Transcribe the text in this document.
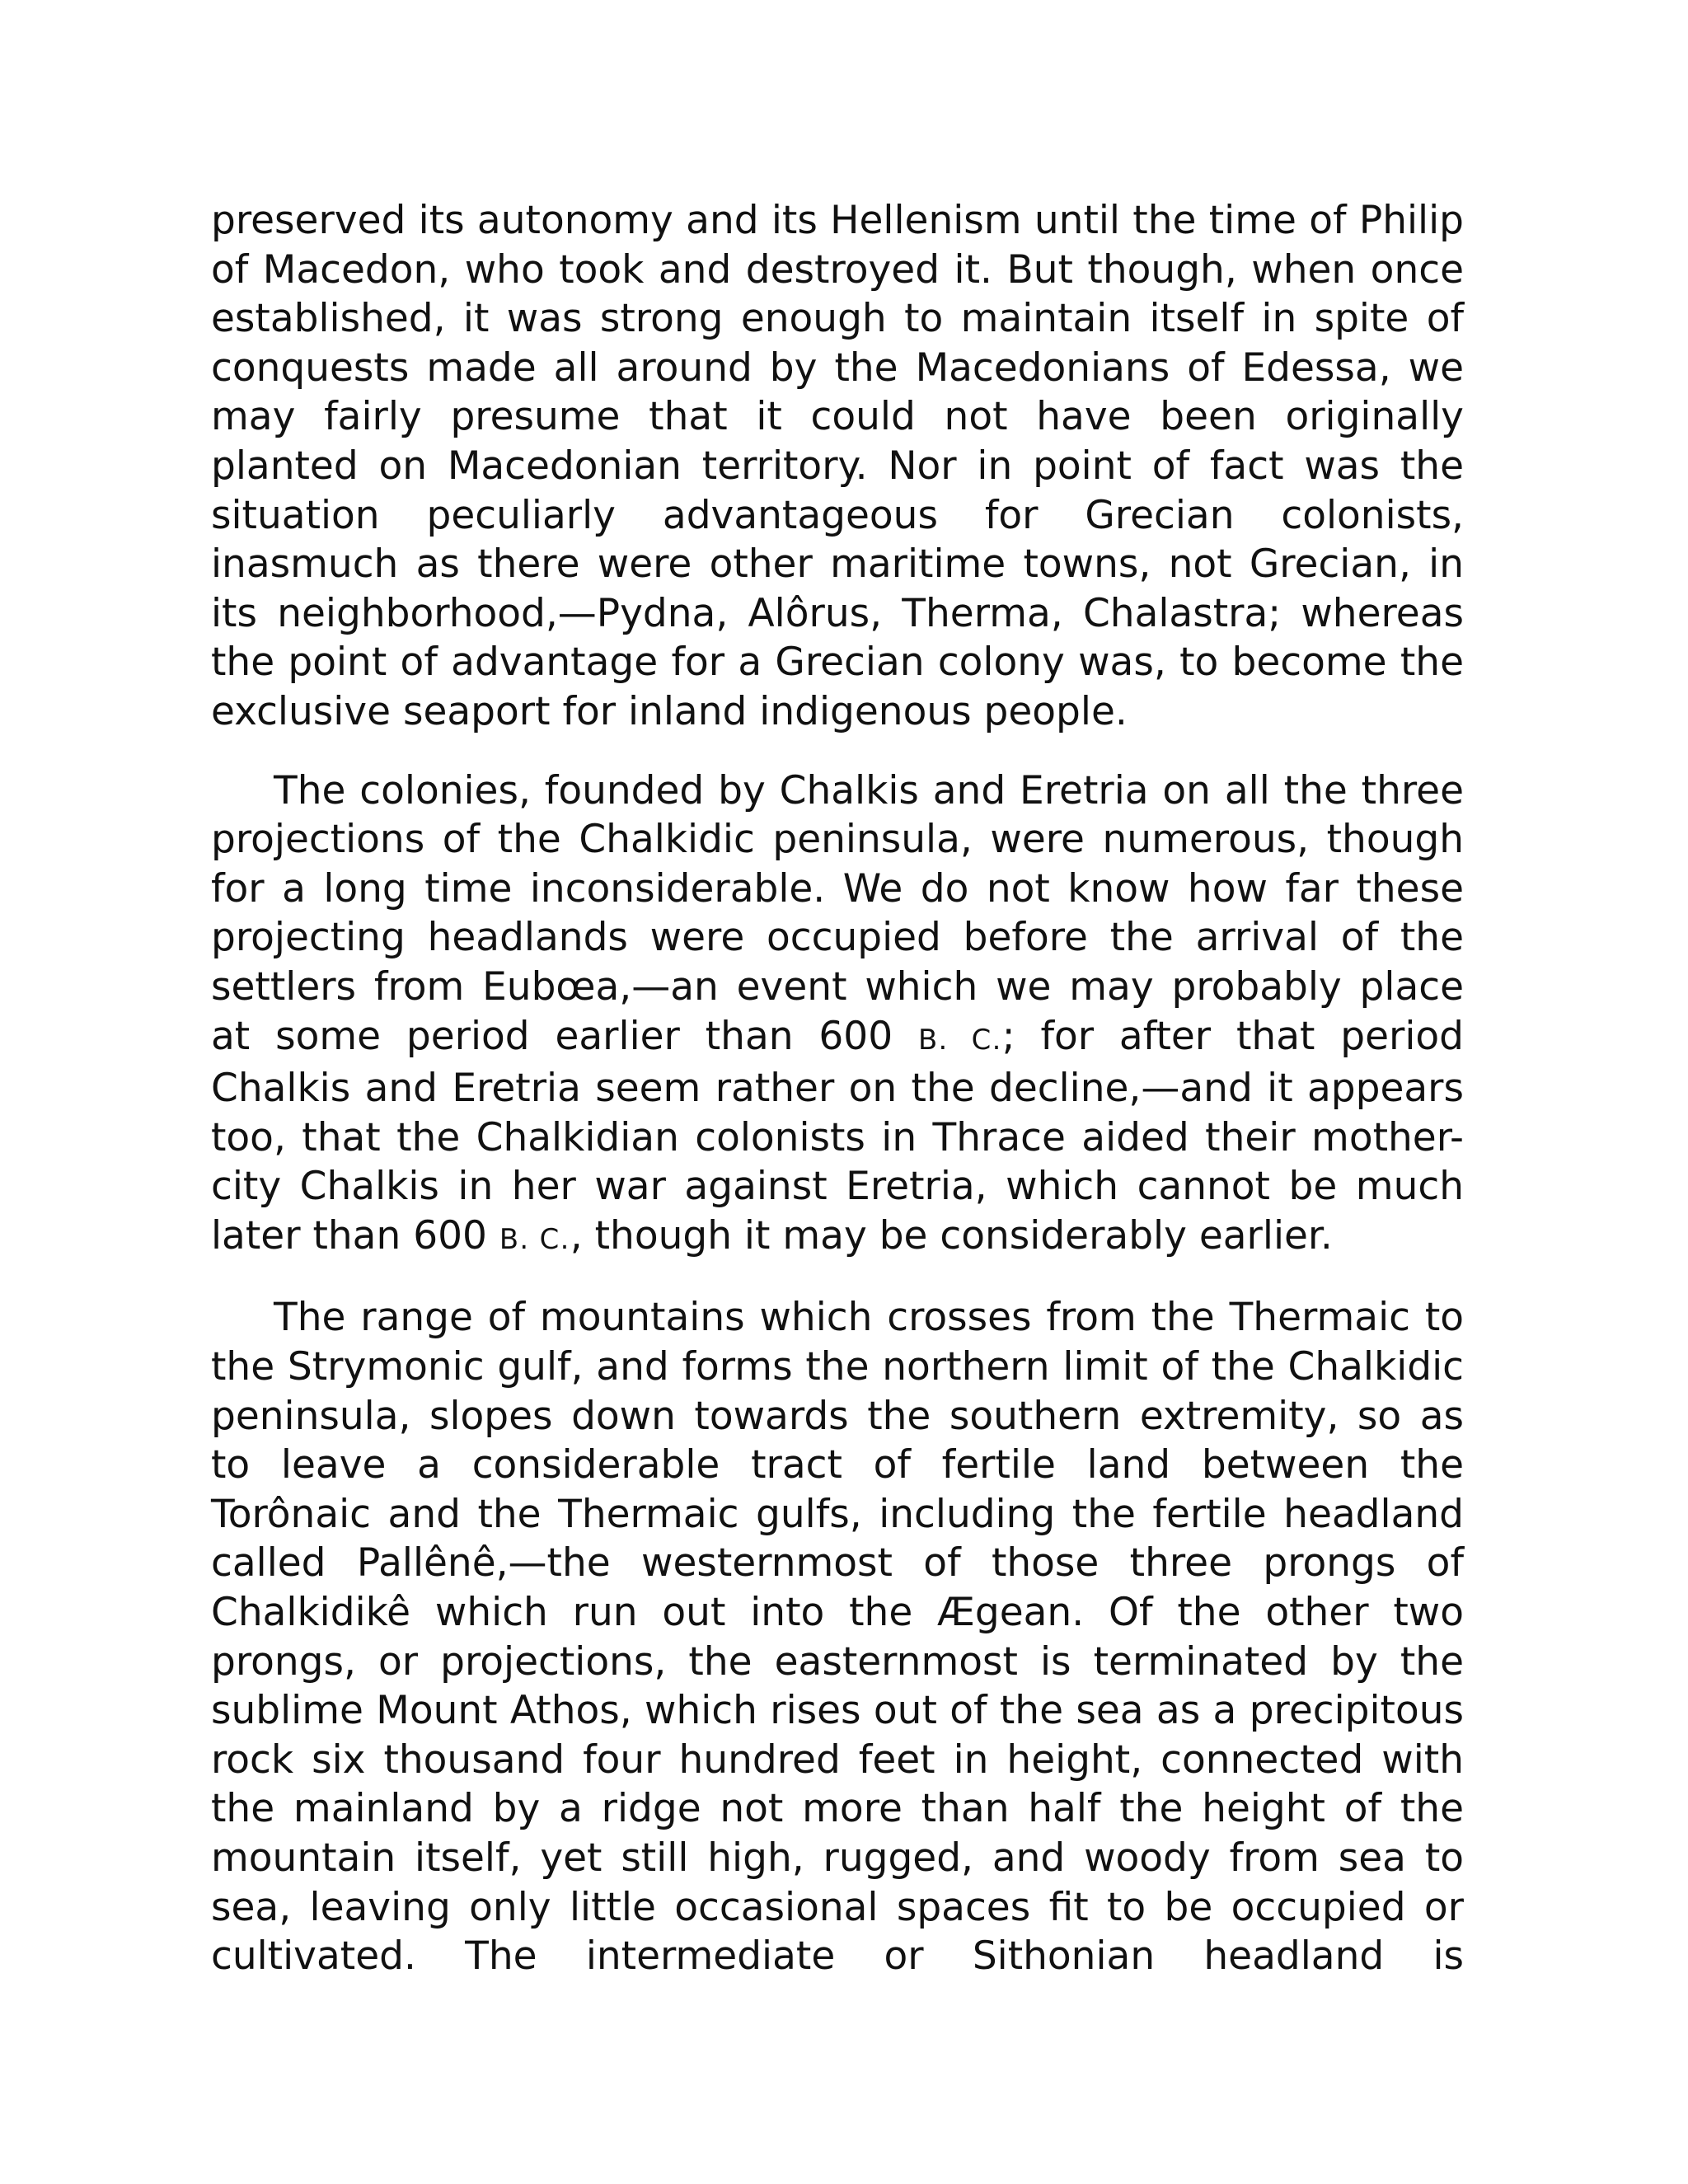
preserved its autonomy and its Hellenism until the time of Philip of Macedon, who took and destroyed it. But though, when once established, it was strong enough to maintain itself in spite of conquests made all around by the Macedonians of Edessa, we may fairly presume that it could not have been originally planted on Macedonian territory. Nor in point of fact was the situation peculiarly advantageous for Grecian colonists, inasmuch as there were other maritime towns, not Grecian, in its neighborhood,—Pydna, Alôrus, Therma, Chalastra; whereas the point of advantage for a Grecian colony was, to become the exclusive seaport for inland indigenous people.

The colonies, founded by Chalkis and Eretria on all the three projections of the Chalkidic peninsula, were numerous, though for a long time inconsiderable. We do not know how far these projecting headlands were occupied before the arrival of the settlers from Eubœa,—an event which we may probably place at some period earlier than 600 B. C.; for after that period Chalkis and Eretria seem rather on the decline,—and it appears too, that the Chalkidian colonists in Thrace aided their mother-city Chalkis in her war against Eretria, which cannot be much later than 600 B. C., though it may be considerably earlier.

The range of mountains which crosses from the Thermaic to the Strymonic gulf, and forms the northern limit of the Chalkidic peninsula, slopes down towards the southern extremity, so as to leave a considerable tract of fertile land between the Torônaic and the Thermaic gulfs, including the fertile headland called Pallênê,—the westernmost of those three prongs of Chalkidikê which run out into the Ægean. Of the other two prongs, or projections, the easternmost is terminated by the sublime Mount Athos, which rises out of the sea as a precipitous rock six thousand four hundred feet in height, connected with the mainland by a ridge not more than half the height of the mountain itself, yet still high, rugged, and woody from sea to sea, leaving only little occasional spaces fit to be occupied or cultivated. The intermediate or Sithonian headland is
